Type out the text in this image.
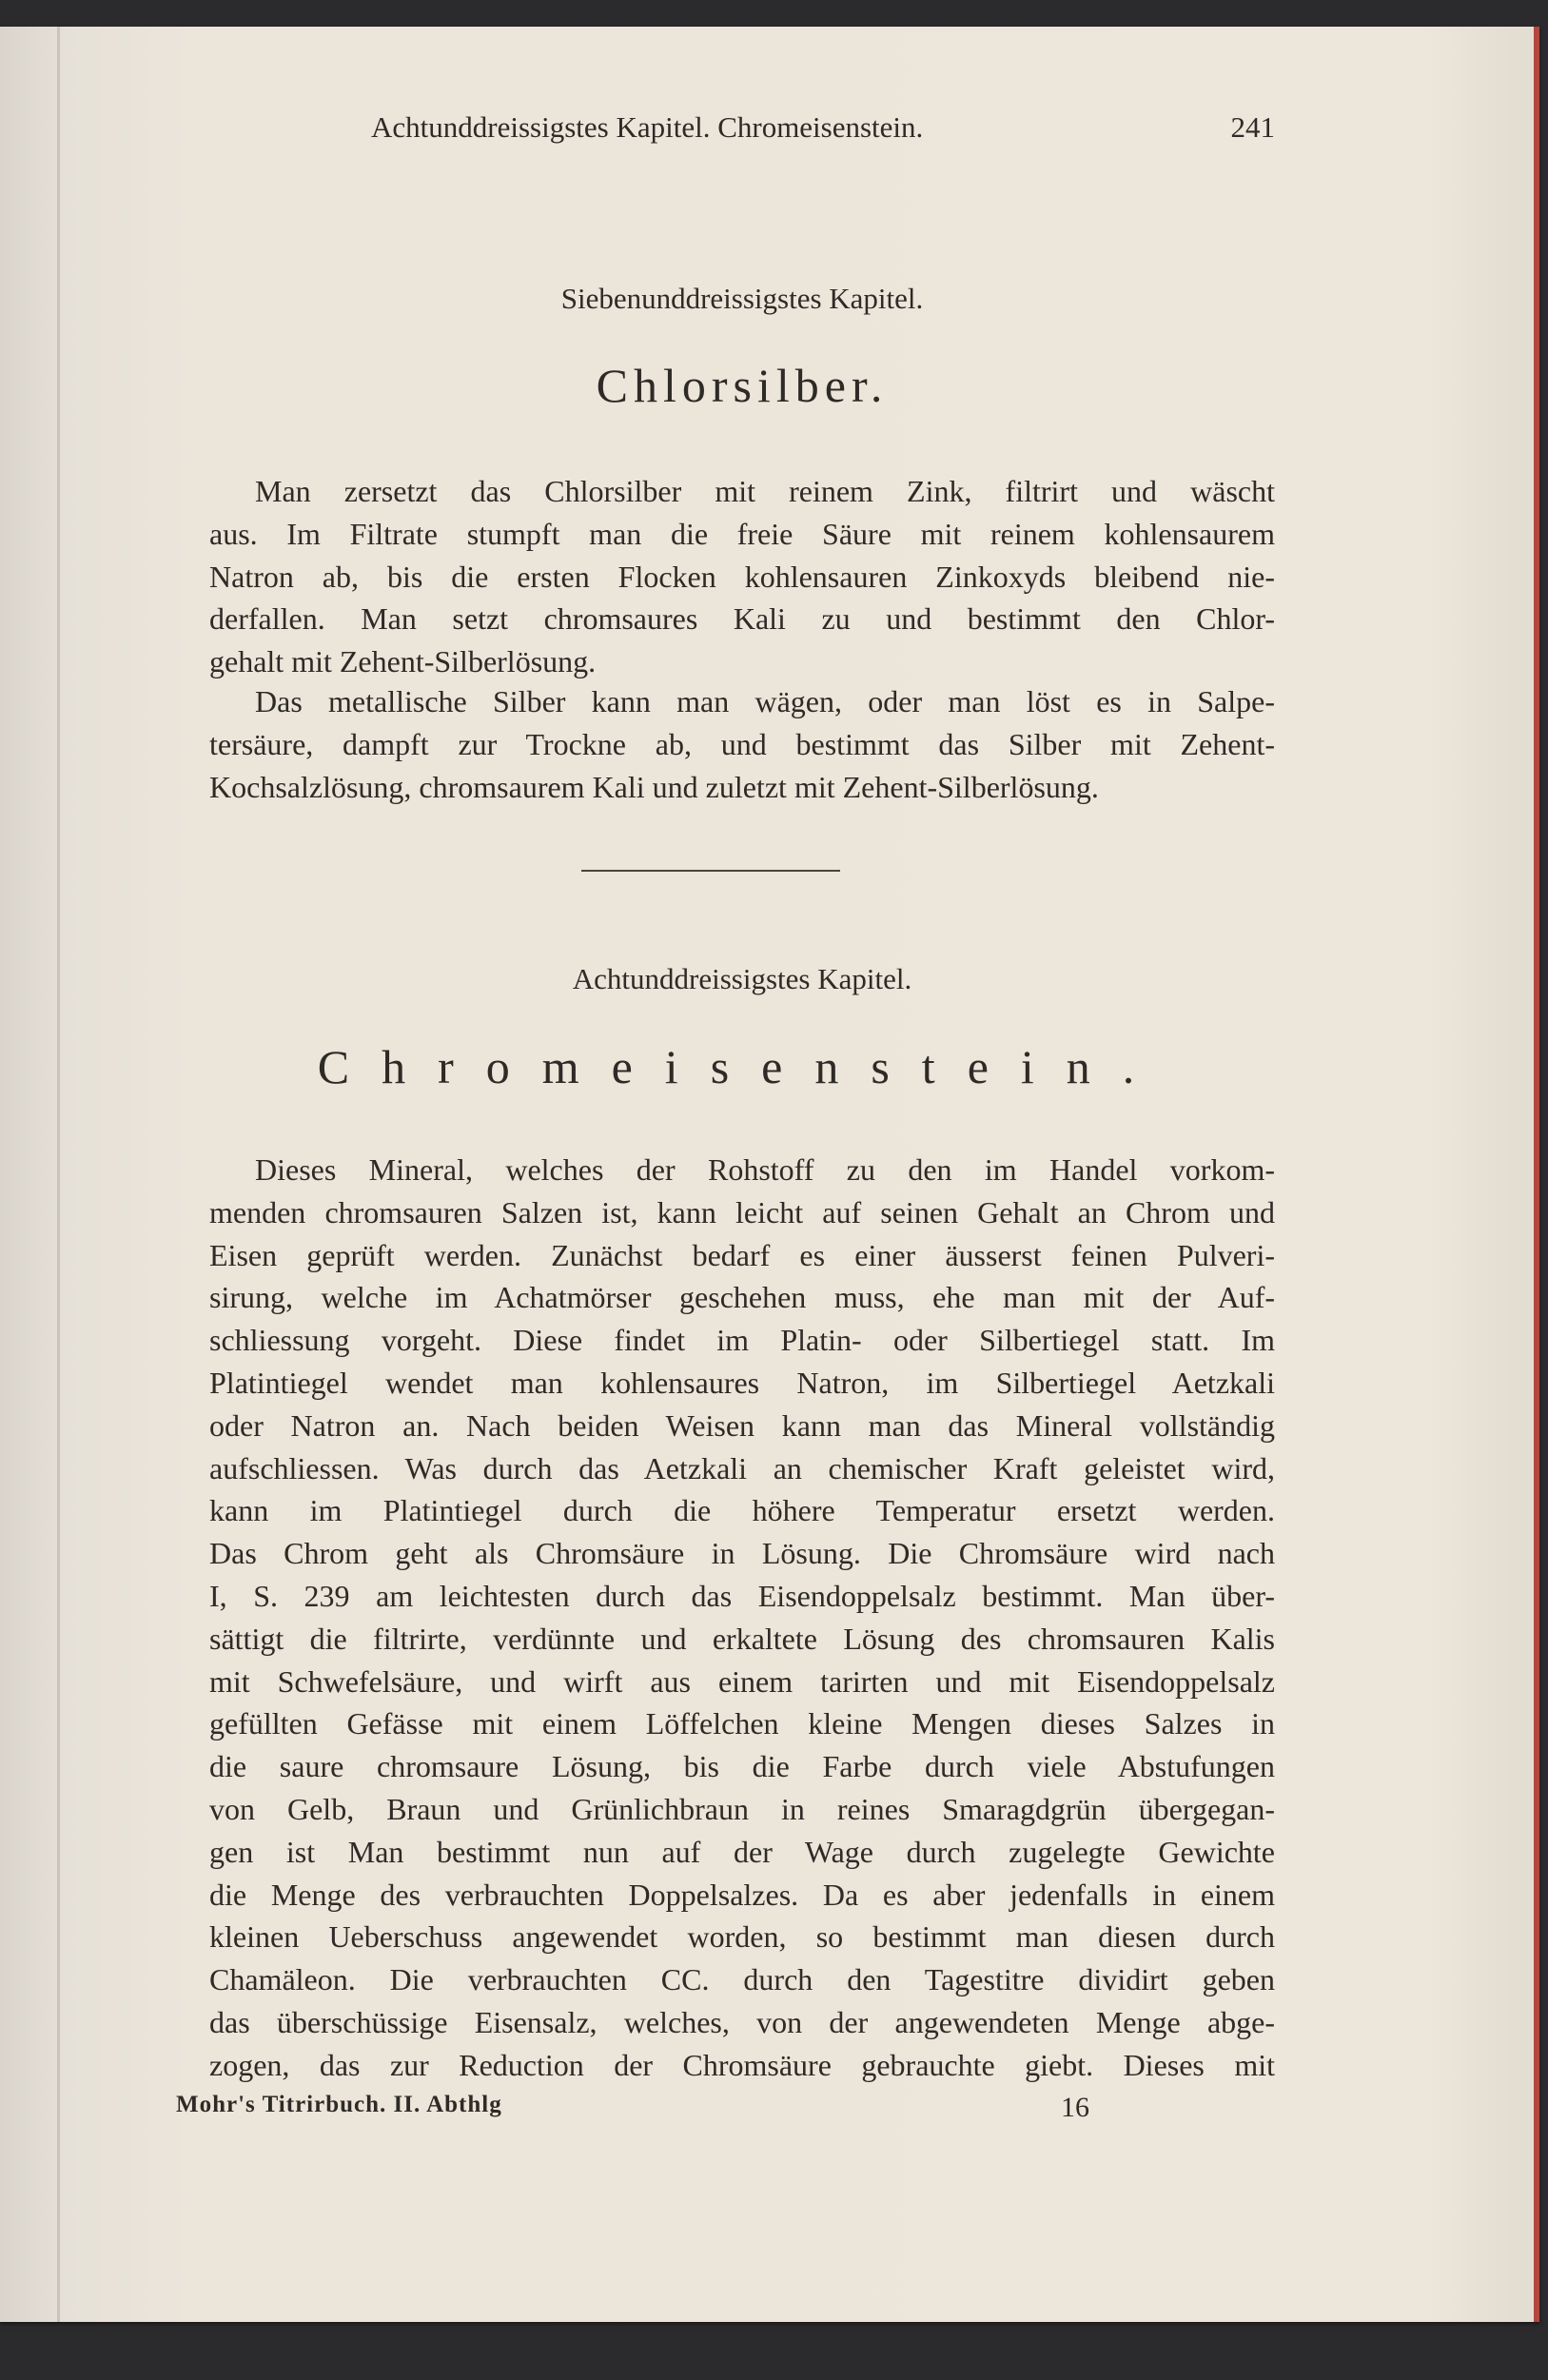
Achtunddreissigstes Kapitel. Chromeisenstein.	241
Siebenunddreissigstes Kapitel.
Chlorsilber.
Man zersetzt das Chlorsilber mit reinem Zink, filtrirt und wäscht
aus. Im Filtrate stumpft man die freie Säure mit reinem kohlensaurem
Natron ab, bis die ersten Flocken kohlensauren Zinkoxyds bleibend nie-
derfallen. Man setzt chromsaures Kali zu und bestimmt den Chlor-
gehalt mit Zehent-Silberlösung.
Das metallische Silber kann man wägen, oder man löst es in Salpe-
tersäure, dampft zur Trockne ab, und bestimmt das Silber mit Zehent-
Kochsalzlösung, chromsaurem Kali und zuletzt mit Zehent-Silberlösung.
Achtunddreissigstes Kapitel.
Chromeisenstein.
Dieses Mineral, welches der Rohstoff zu den im Handel vorkom-
menden chromsauren Salzen ist, kann leicht auf seinen Gehalt an Chrom und
Eisen geprüft werden. Zunächst bedarf es einer äusserst feinen Pulveri-
sirung, welche im Achatmörser geschehen muss, ehe man mit der Auf-
schliessung vorgeht. Diese findet im Platin- oder Silbertiegel statt. Im
Platintiegel wendet man kohlensaures Natron, im Silbertiegel Aetzkali
oder Natron an. Nach beiden Weisen kann man das Mineral vollständig
aufschliessen. Was durch das Aetzkali an chemischer Kraft geleistet wird,
kann im Platintiegel durch die höhere Temperatur ersetzt werden.
Das Chrom geht als Chromsäure in Lösung. Die Chromsäure wird nach
I, S. 239 am leichtesten durch das Eisendoppelsalz bestimmt. Man über-
sättigt die filtrirte, verdünnte und erkaltete Lösung des chromsauren Kalis
mit Schwefelsäure, und wirft aus einem tarirten und mit Eisendoppelsalz
gefüllten Gefässe mit einem Löffelchen kleine Mengen dieses Salzes in
die saure chromsaure Lösung, bis die Farbe durch viele Abstufungen
von Gelb, Braun und Grünlichbraun in reines Smaragdgrün übergegan-
gen ist Man bestimmt nun auf der Wage durch zugelegte Gewichte
die Menge des verbrauchten Doppelsalzes. Da es aber jedenfalls in einem
kleinen Ueberschuss angewendet worden, so bestimmt man diesen durch
Chamäleon. Die verbrauchten CC. durch den Tagestitre dividirt geben
das überschüssige Eisensalz, welches, von der angewendeten Menge abge-
zogen, das zur Reduction der Chromsäure gebrauchte giebt. Dieses mit
Mohr's Titrirbuch. II. Abthlg	16
